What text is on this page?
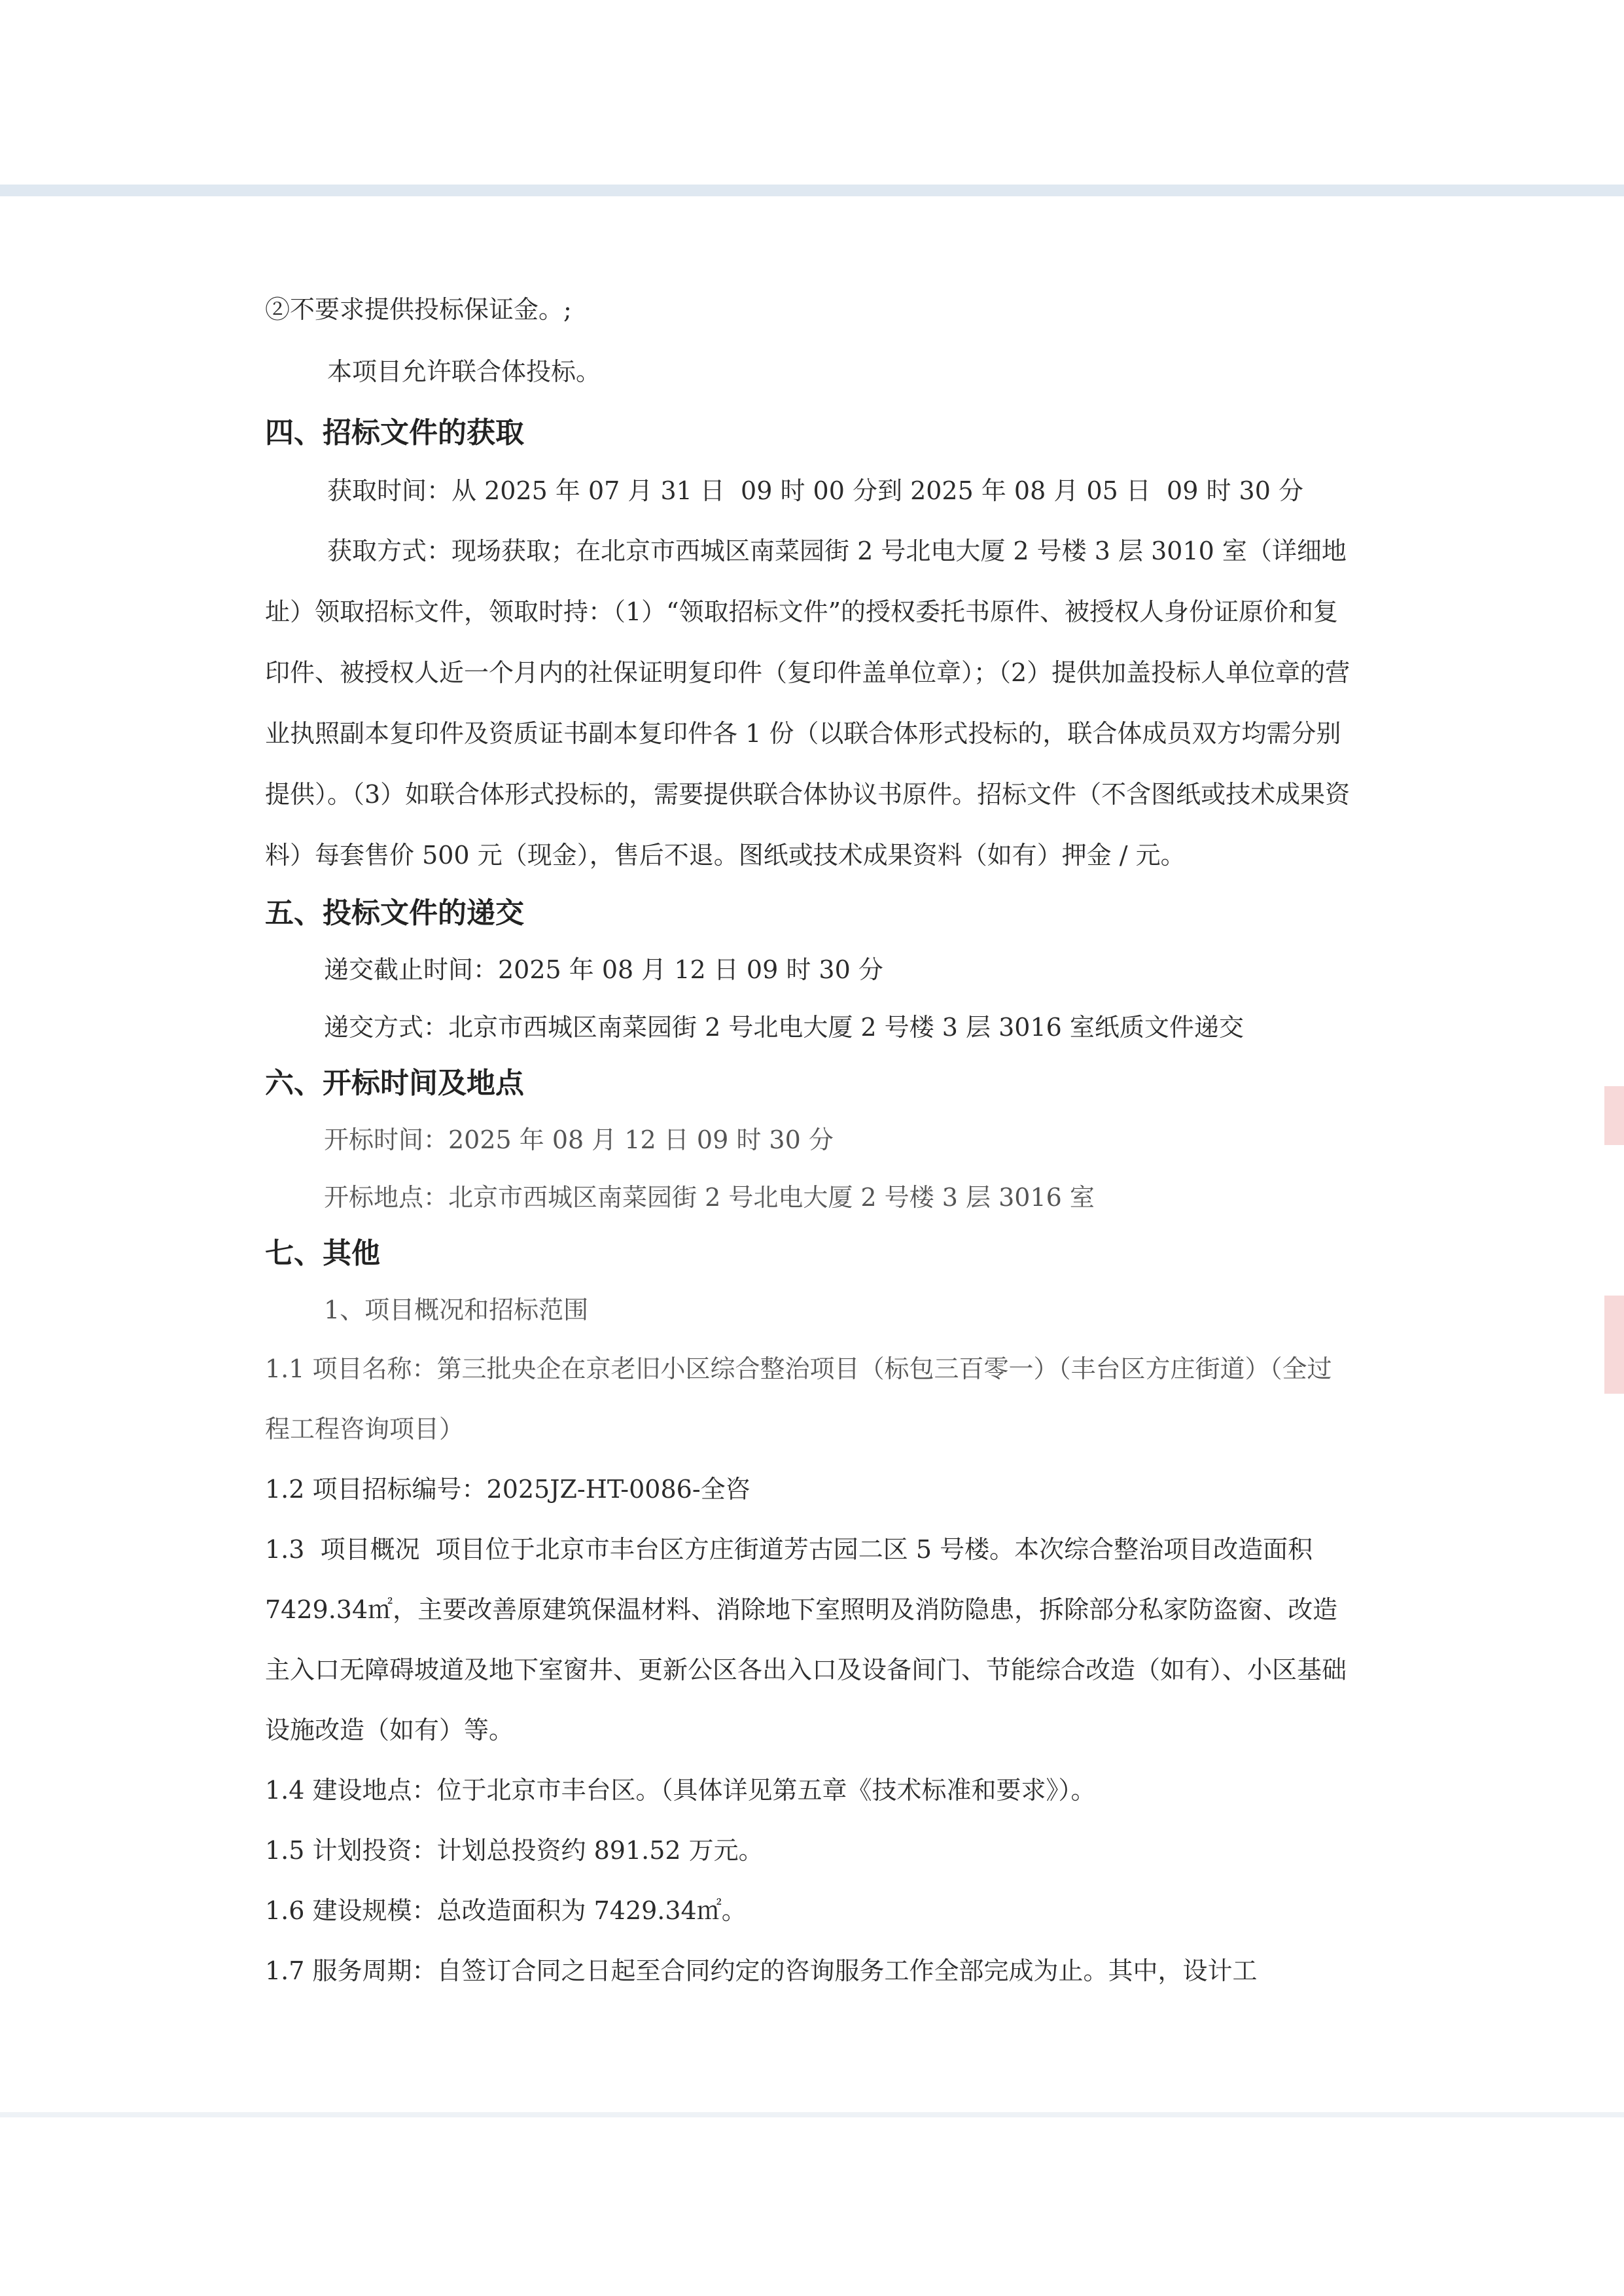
②不要求提供投标保证金。;

本项目允许联合体投标。

四、招标文件的获取

获取时间：从 2025 年 07 月 31 日  09 时 00 分到 2025 年 08 月 05 日  09 时 30 分

获取方式：现场获取；在北京市西城区南菜园街 2 号北电大厦 2 号楼 3 层 3010 室（详细地址）领取招标文件，领取时持：（1）“领取招标文件”的授权委托书原件、被授权人身份证原价和复印件、被授权人近一个月内的社保证明复印件（复印件盖单位章）；（2）提供加盖投标人单位章的营业执照副本复印件及资质证书副本复印件各 1 份（以联合体形式投标的，联合体成员双方均需分别提供）。（3）如联合体形式投标的，需要提供联合体协议书原件。招标文件（不含图纸或技术成果资料）每套售价 500 元（现金），售后不退。图纸或技术成果资料（如有）押金 / 元。

五、投标文件的递交

递交截止时间：2025 年 08 月 12 日 09 时 30 分

递交方式：北京市西城区南菜园街 2 号北电大厦 2 号楼 3 层 3016 室纸质文件递交

六、开标时间及地点

开标时间：2025 年 08 月 12 日 09 时 30 分

开标地点：北京市西城区南菜园街 2 号北电大厦 2 号楼 3 层 3016 室

七、其他

1、项目概况和招标范围

1.1 项目名称：第三批央企在京老旧小区综合整治项目（标包三百零一）（丰台区方庄街道）（全过程工程咨询项目）

1.2 项目招标编号：2025JZ-HT-0086-全咨

1.3  项目概况  项目位于北京市丰台区方庄街道芳古园二区 5 号楼。本次综合整治项目改造面积 7429.34㎡，主要改善原建筑保温材料、消除地下室照明及消防隐患，拆除部分私家防盗窗、改造主入口无障碍坡道及地下室窗井、更新公区各出入口及设备间门、节能综合改造（如有）、小区基础设施改造（如有）等。

1.4 建设地点：位于北京市丰台区。（具体详见第五章《技术标准和要求》）。

1.5 计划投资：计划总投资约 891.52 万元。

1.6 建设规模：总改造面积为 7429.34㎡。

1.7 服务周期：自签订合同之日起至合同约定的咨询服务工作全部完成为止。其中，设计工
